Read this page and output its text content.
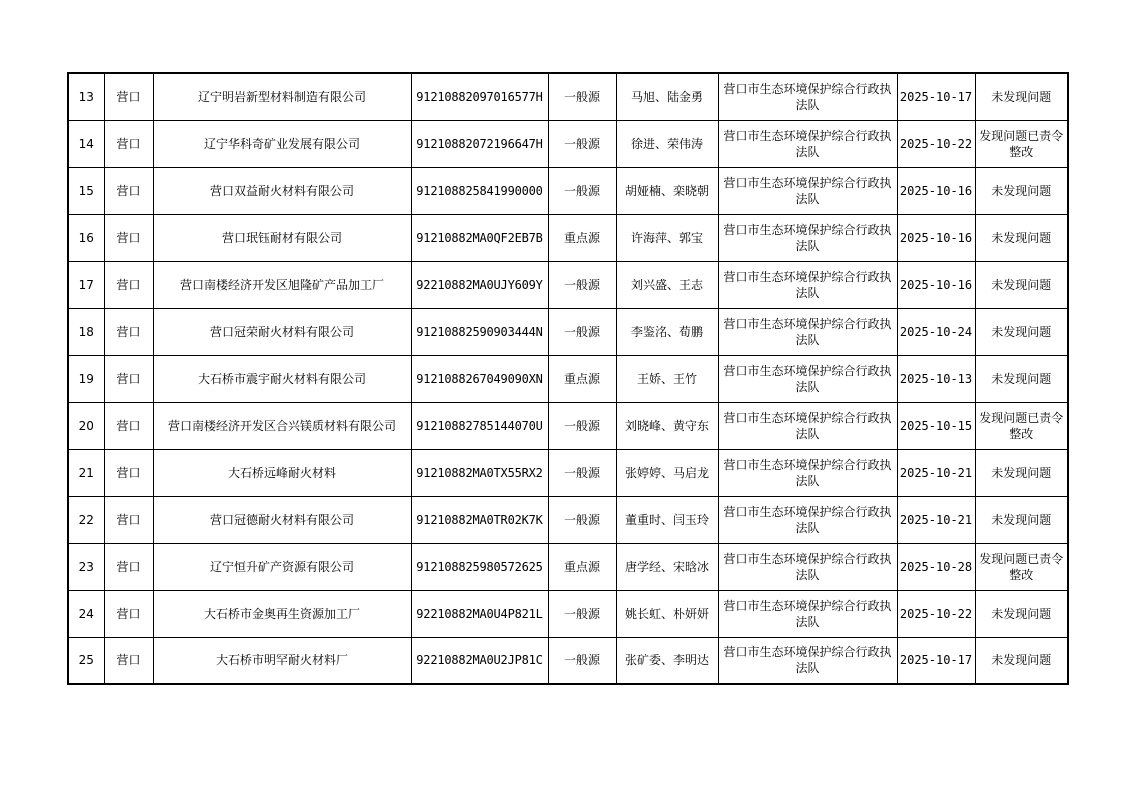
13	营口	辽宁明岩新型材料制造有限公司	91210882097016577H	一般源	马旭、陆金勇	营口市生态环境保护综合行政执法队	2025-10-17	未发现问题
14	营口	辽宁华科奇矿业发展有限公司	91210882072196647H	一般源	徐进、荣伟涛	营口市生态环境保护综合行政执法队	2025-10-22	发现问题已责令整改
15	营口	营口双益耐火材料有限公司	912108825841990000	一般源	胡娅楠、栾晓朝	营口市生态环境保护综合行政执法队	2025-10-16	未发现问题
16	营口	营口珉钰耐材有限公司	91210882MA0QF2EB7B	重点源	许海萍、郭宝	营口市生态环境保护综合行政执法队	2025-10-16	未发现问题
17	营口	营口南楼经济开发区旭隆矿产品加工厂	92210882MA0UJY609Y	一般源	刘兴盛、王志	营口市生态环境保护综合行政执法队	2025-10-16	未发现问题
18	营口	营口冠荣耐火材料有限公司	91210882590903444N	一般源	李鉴洺、荀鹏	营口市生态环境保护综合行政执法队	2025-10-24	未发现问题
19	营口	大石桥市震宇耐火材料有限公司	9121088267049090XN	重点源	王娇、王竹	营口市生态环境保护综合行政执法队	2025-10-13	未发现问题
20	营口	营口南楼经济开发区合兴镁质材料有限公司	91210882785144070U	一般源	刘晓峰、黄守东	营口市生态环境保护综合行政执法队	2025-10-15	发现问题已责令整改
21	营口	大石桥远峰耐火材料	91210882MA0TX55RX2	一般源	张婷婷、马启龙	营口市生态环境保护综合行政执法队	2025-10-21	未发现问题
22	营口	营口冠德耐火材料有限公司	91210882MA0TR02K7K	一般源	董重时、闫玉玲	营口市生态环境保护综合行政执法队	2025-10-21	未发现问题
23	营口	辽宁恒升矿产资源有限公司	912108825980572625	重点源	唐学经、宋晗冰	营口市生态环境保护综合行政执法队	2025-10-28	发现问题已责令整改
24	营口	大石桥市金奥再生资源加工厂	92210882MA0U4P821L	一般源	姚长虹、朴妍妍	营口市生态环境保护综合行政执法队	2025-10-22	未发现问题
25	营口	大石桥市明罕耐火材料厂	92210882MA0U2JP81C	一般源	张矿委、李明达	营口市生态环境保护综合行政执法队	2025-10-17	未发现问题
